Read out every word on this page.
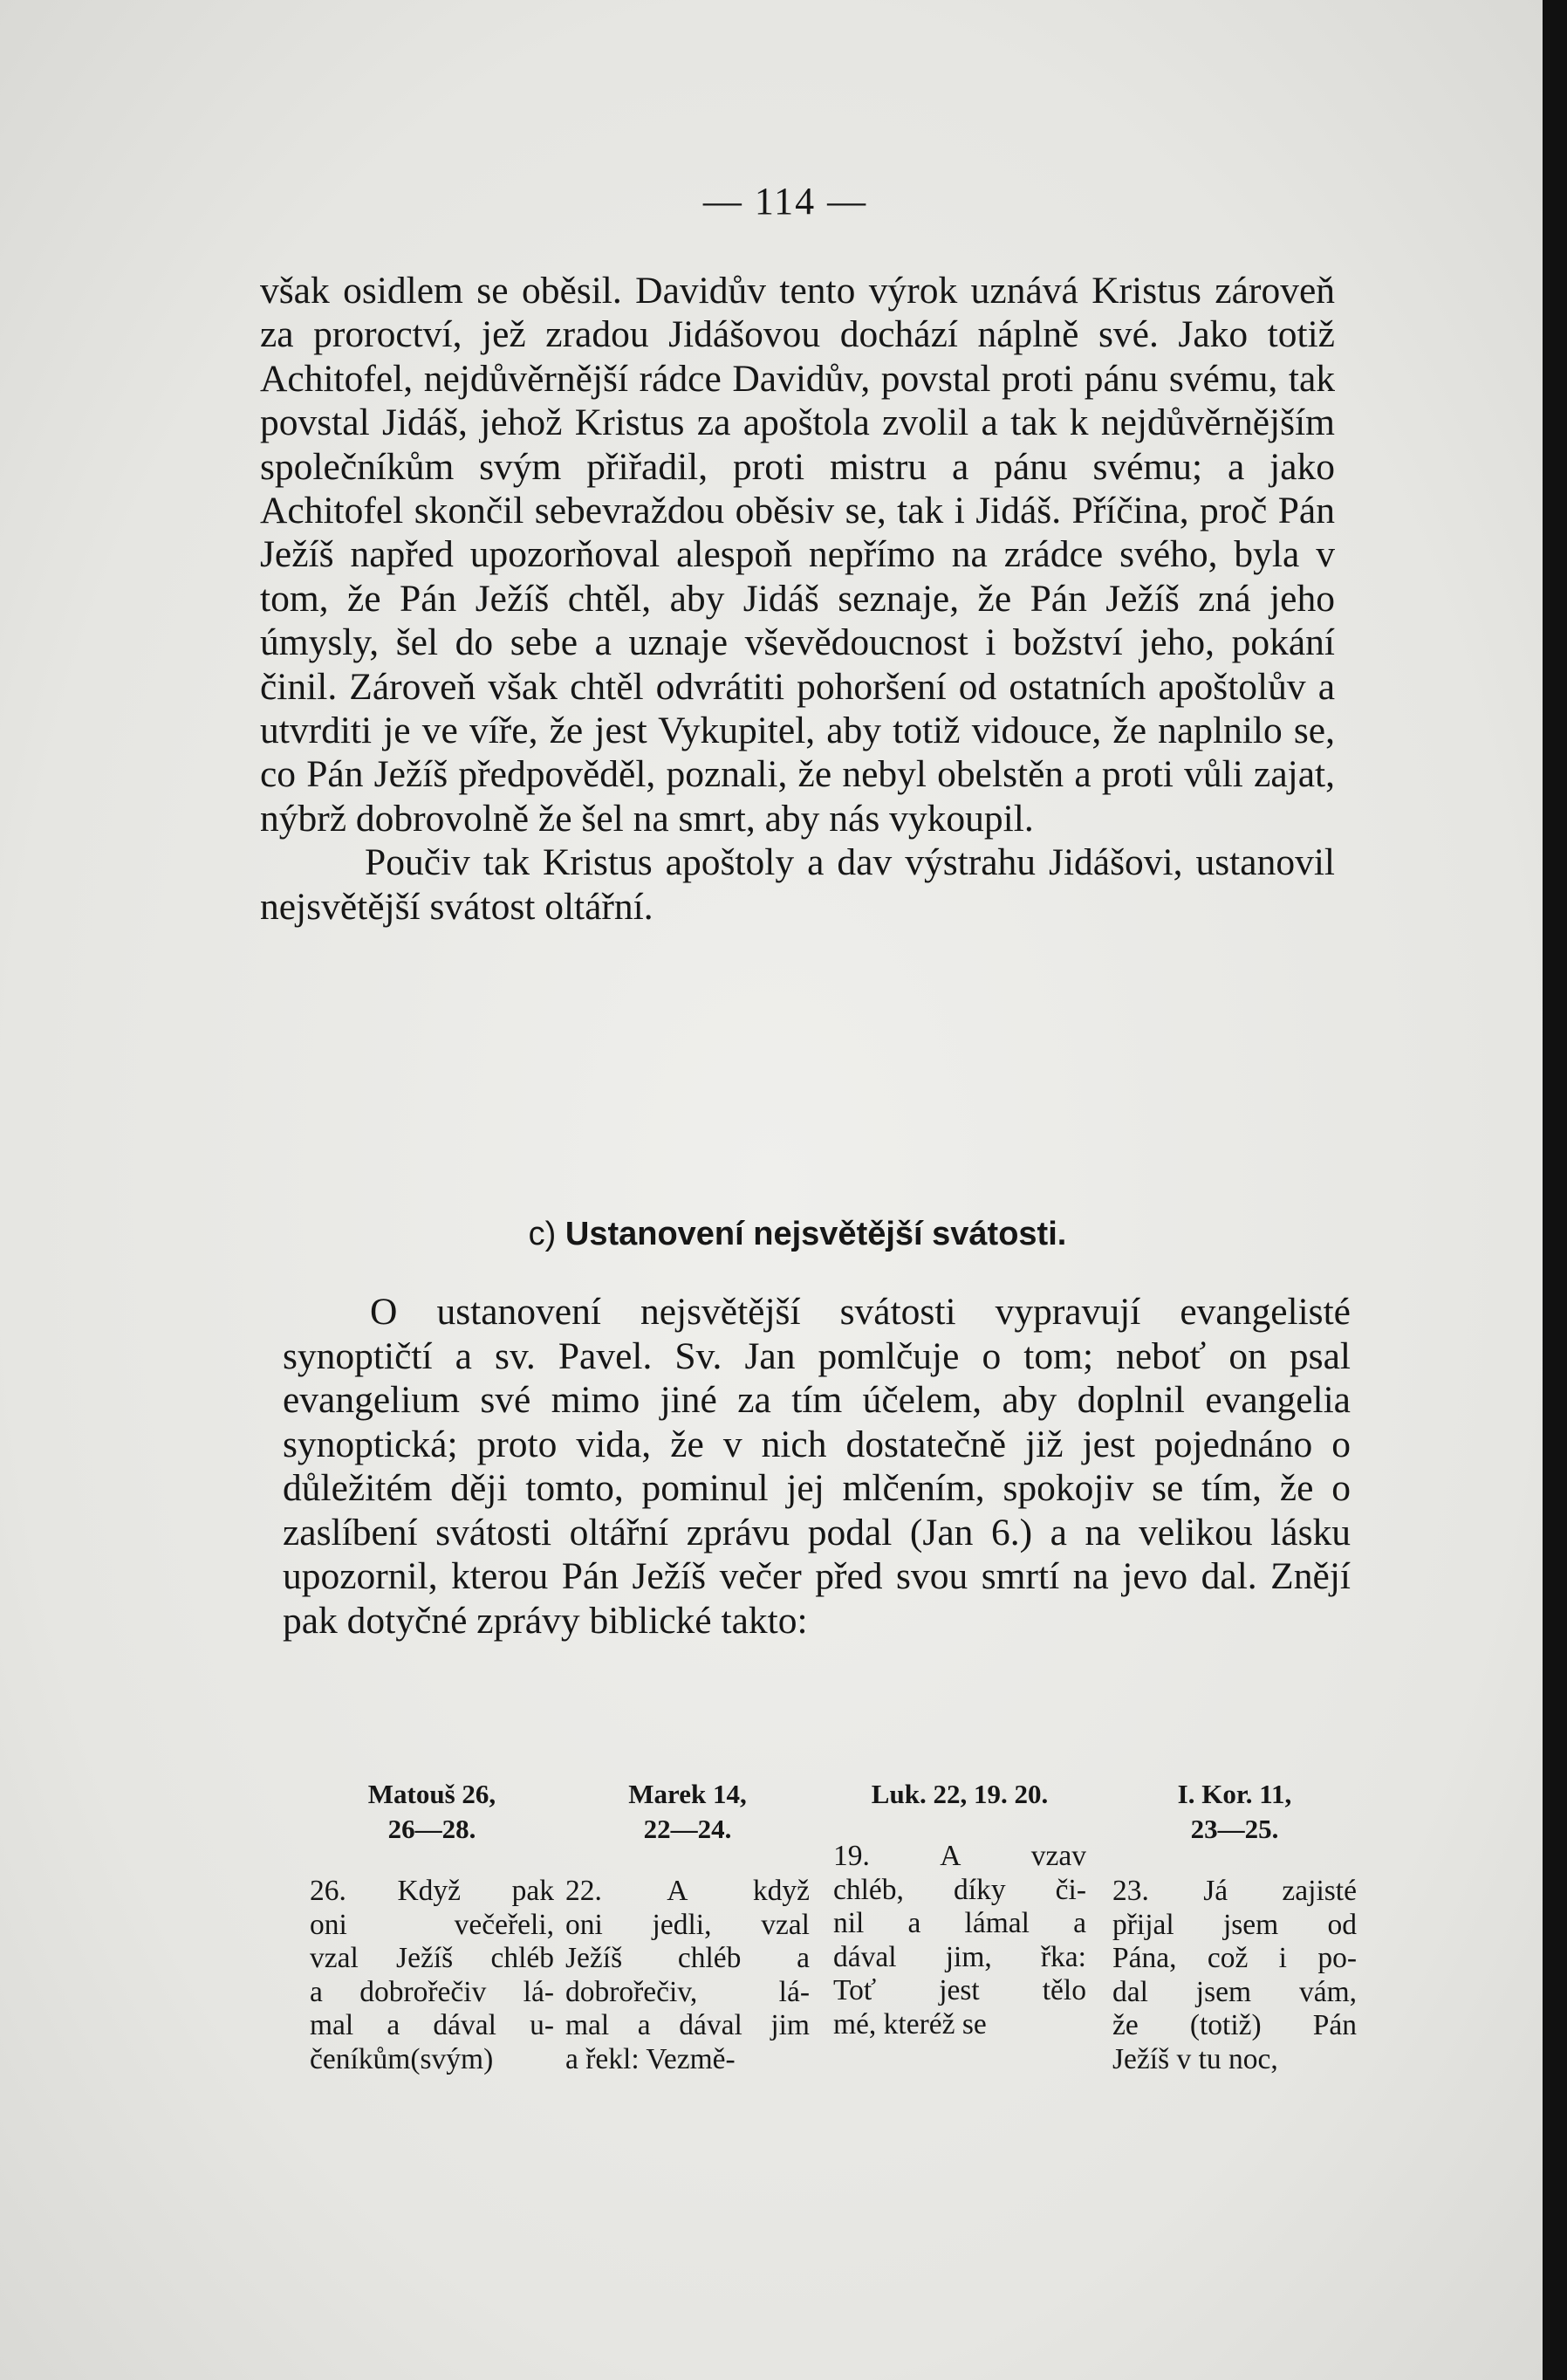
— 114 —

však osidlem se oběsil. Davidův tento výrok uznává Kristus zároveň za proroctví, jež zradou Jidášovou dochází náplně své. Jako totiž Achitofel, nejdůvěrnější rádce Davidův, povstal proti pánu svému, tak povstal Jidáš, jehož Kristus za apoštola zvolil a tak k nejdůvěrnějším společníkům svým přiřadil, proti mistru a pánu svému; a jako Achitofel skončil sebevraždou oběsiv se, tak i Jidáš. Příčina, proč Pán Ježíš napřed upozorňoval alespoň nepřímo na zrádce svého, byla v tom, že Pán Ježíš chtěl, aby Jidáš seznaje, že Pán Ježíš zná jeho úmysly, šel do sebe a uznaje vševědoucnost i božství jeho, pokání činil. Zároveň však chtěl odvrátiti pohoršení od ostatních apoštolův a utvrditi je ve víře, že jest Vykupitel, aby totiž vidouce, že naplnilo se, co Pán Ježíš předpověděl, poznali, že nebyl obelstěn a proti vůli zajat, nýbrž dobrovolně že šel na smrt, aby nás vykoupil.

Poučiv tak Kristus apoštoly a dav výstrahu Jidášovi, ustanovil nejsvětější svátost oltářní.

c) Ustanovení nejsvětější svátosti.

O ustanovení nejsvětější svátosti vypravují evangelisté synoptičtí a sv. Pavel. Sv. Jan pomlčuje o tom; neboť on psal evangelium své mimo jiné za tím účelem, aby doplnil evangelia synoptická; proto vida, že v nich dostatečně již jest pojednáno o důležitém ději tomto, pominul jej mlčením, spokojiv se tím, že o zaslíbení svátosti oltářní zprávu podal (Jan 6.) a na velikou lásku upozornil, kterou Pán Ježíš večer před svou smrtí na jevo dal. Znějí pak dotyčné zprávy biblické takto:

Matouš 26,
26—28.
26. Když pak
oni večeřeli,
vzal Ježíš chléb
a dobrořečiv lá-
mal a dával u-
čeníkům(svým)
Marek 14,
22—24.
22. A když
oni jedli, vzal
Ježíš chléb a
dobrořečiv, lá-
mal a dával jim
a řekl: Vezmě-
Luk. 22, 19. 20.
19. A vzav
chléb, díky či-
nil a lámal a
dával jim, řka:
Toť jest tělo
mé, kteréž se
I. Kor. 11,
23—25.
23. Já zajisté
přijal jsem od
Pána, což i po-
dal jsem vám,
že (totiž) Pán
Ježíš v tu noc,
